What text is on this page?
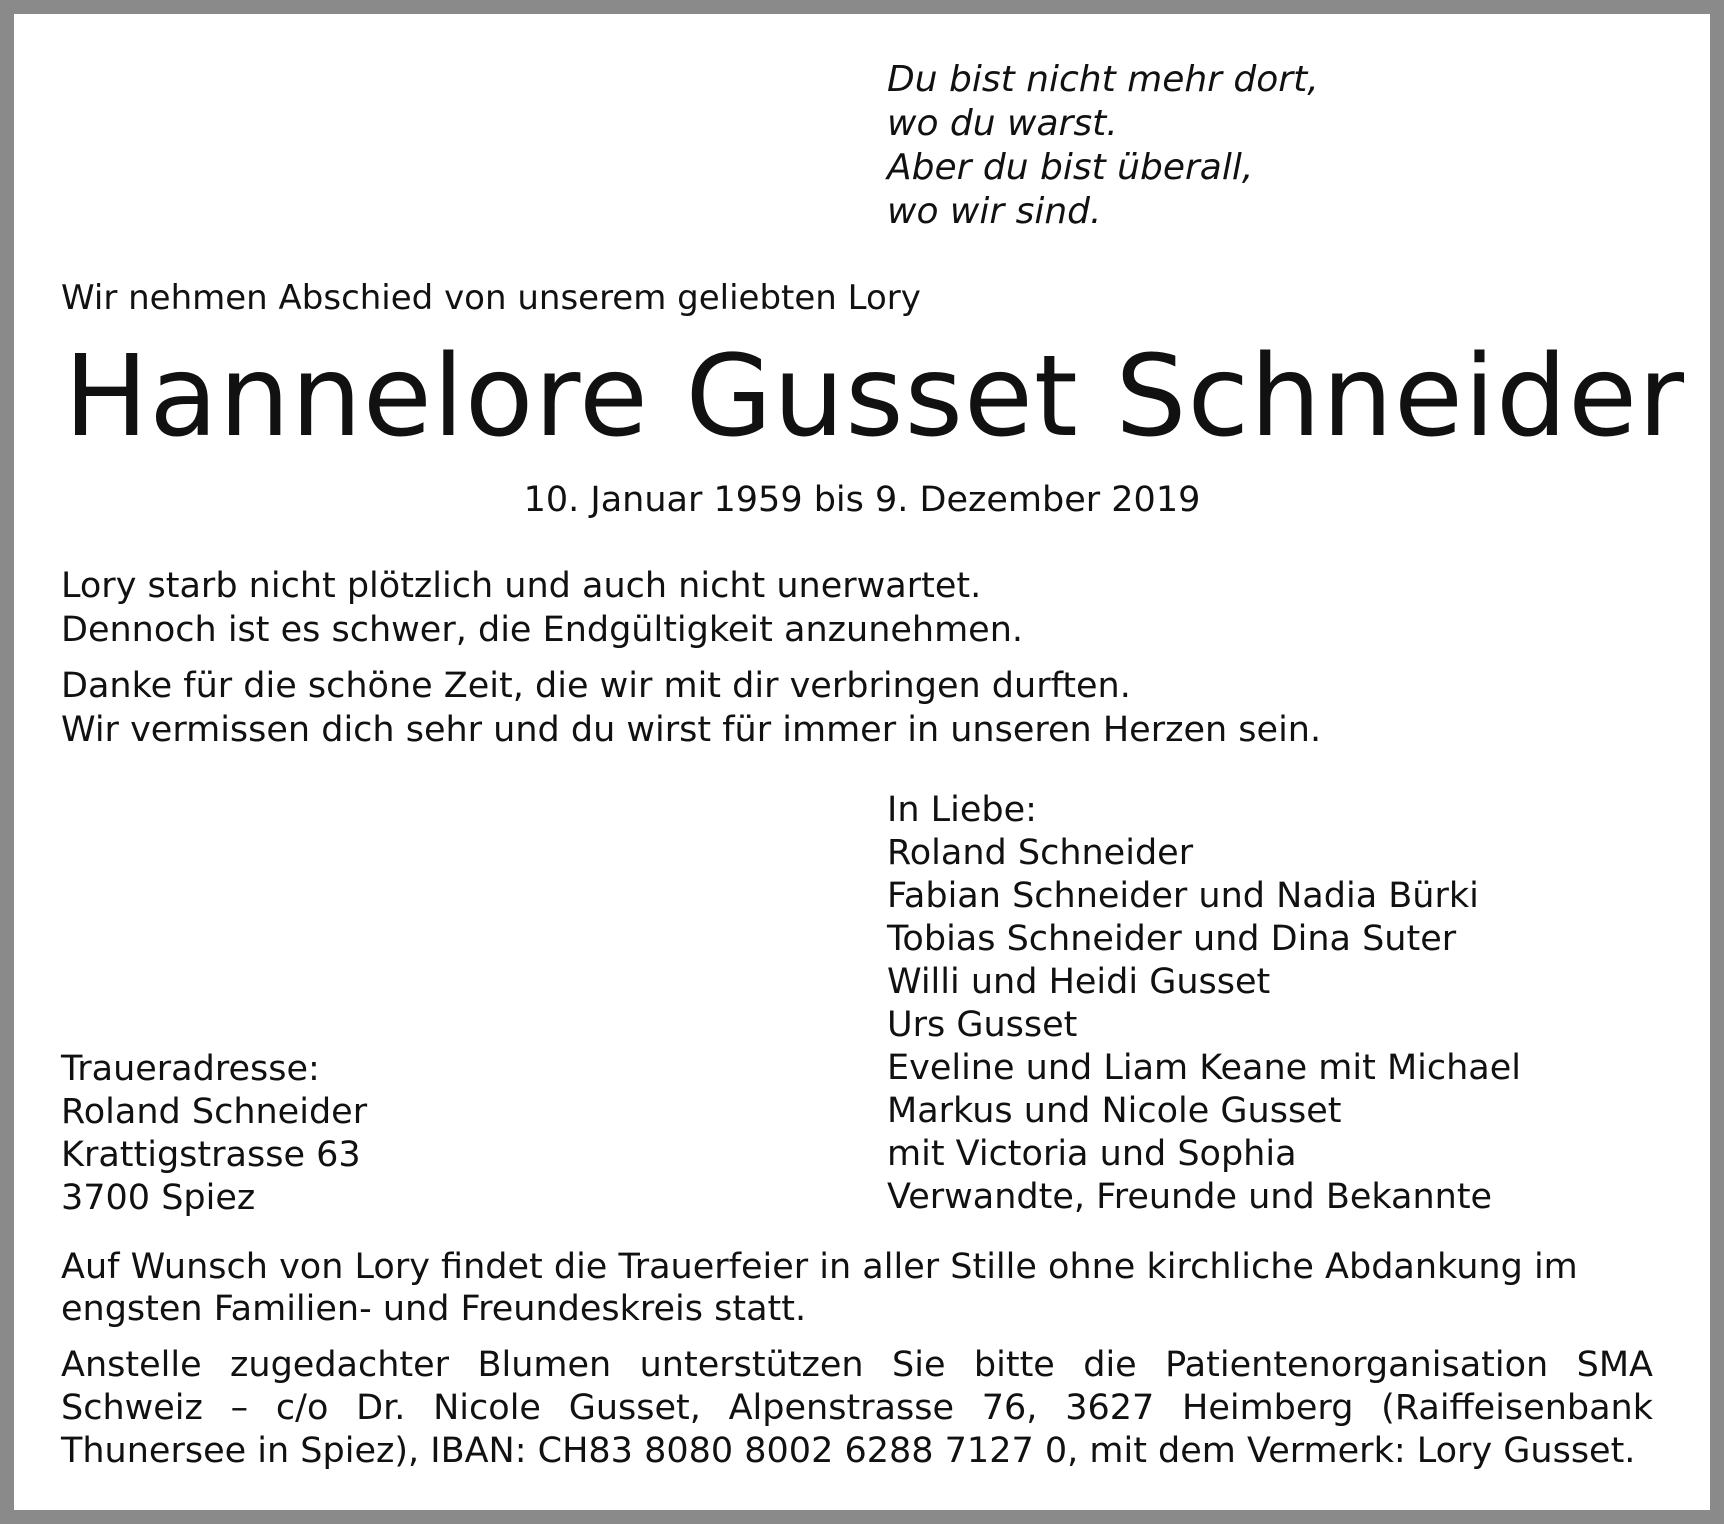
Du bist nicht mehr dort,
wo du warst.
Aber du bist überall,
wo wir sind.
Wir nehmen Abschied von unserem geliebten Lory
Hannelore Gusset Schneider
10. Januar 1959 bis 9. Dezember 2019
Lory starb nicht plötzlich und auch nicht unerwartet.
Dennoch ist es schwer, die Endgültigkeit anzunehmen.
Danke für die schöne Zeit, die wir mit dir verbringen durften.
Wir vermissen dich sehr und du wirst für immer in unseren Herzen sein.
In Liebe:
Roland Schneider
Fabian Schneider und Nadia Bürki
Tobias Schneider und Dina Suter
Willi und Heidi Gusset
Urs Gusset
Eveline und Liam Keane mit Michael
Markus und Nicole Gusset
mit Victoria und Sophia
Verwandte, Freunde und Bekannte
Traueradresse:
Roland Schneider
Krattigstrasse 63
3700 Spiez

Auf Wunsch von Lory findet die Trauerfeier in aller Stille ohne kirchliche Abdankung im engsten Familien- und Freundeskreis statt.

Anstelle zugedachter Blumen unterstützen Sie bitte die Patientenorganisation SMA Schweiz – c/o Dr. Nicole Gusset, Alpenstrasse 76, 3627 Heimberg (Raiffeisenbank Thunersee in Spiez), IBAN: CH83 8080 8002 6288 7127 0, mit dem Vermerk: Lory Gusset.
